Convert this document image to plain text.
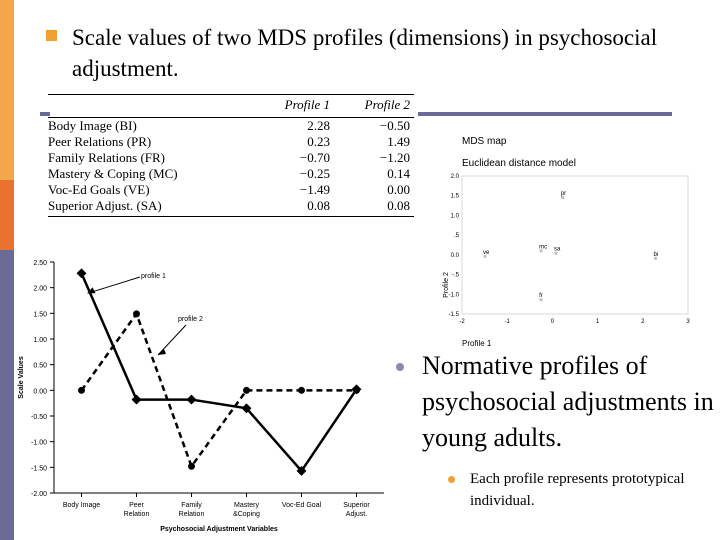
Scale values of two MDS profiles (dimensions) in psychosocial adjustment.
Profile 1	Profile 2
Body Image (BI)	2.28	−0.50
Peer Relations (PR)	0.23	1.49
Family Relations (FR)	−0.70	−1.20
Mastery & Coping (MC)	−0.25	0.14
Voc-Ed Goals (VE)	−1.49	0.00
Superior Adjust. (SA)	0.08	0.08
2.50
2.00
1.50
1.00
0.50
0.00
-0.50
-1.00
-1.50
-2.00
Body Image	Peer
Relation
Family
Relation
Mastery
&Coping
Voc-Ed Goal	Superior
Adjust.
Psychosocial Adjustment Variables
Scale Values
profile 1
profile 2
MDS map
Euclidean distance model
2.0
1.5
1.0
.5
0.0
-.5
-1.0
-1.5
-2	-1	0	1	2	3
Profile 1
Profile 2
pr
ve
mc sa
bi
fr
Normative profiles of psychosocial adjustments in young adults.
Each profile represents prototypical individual.
